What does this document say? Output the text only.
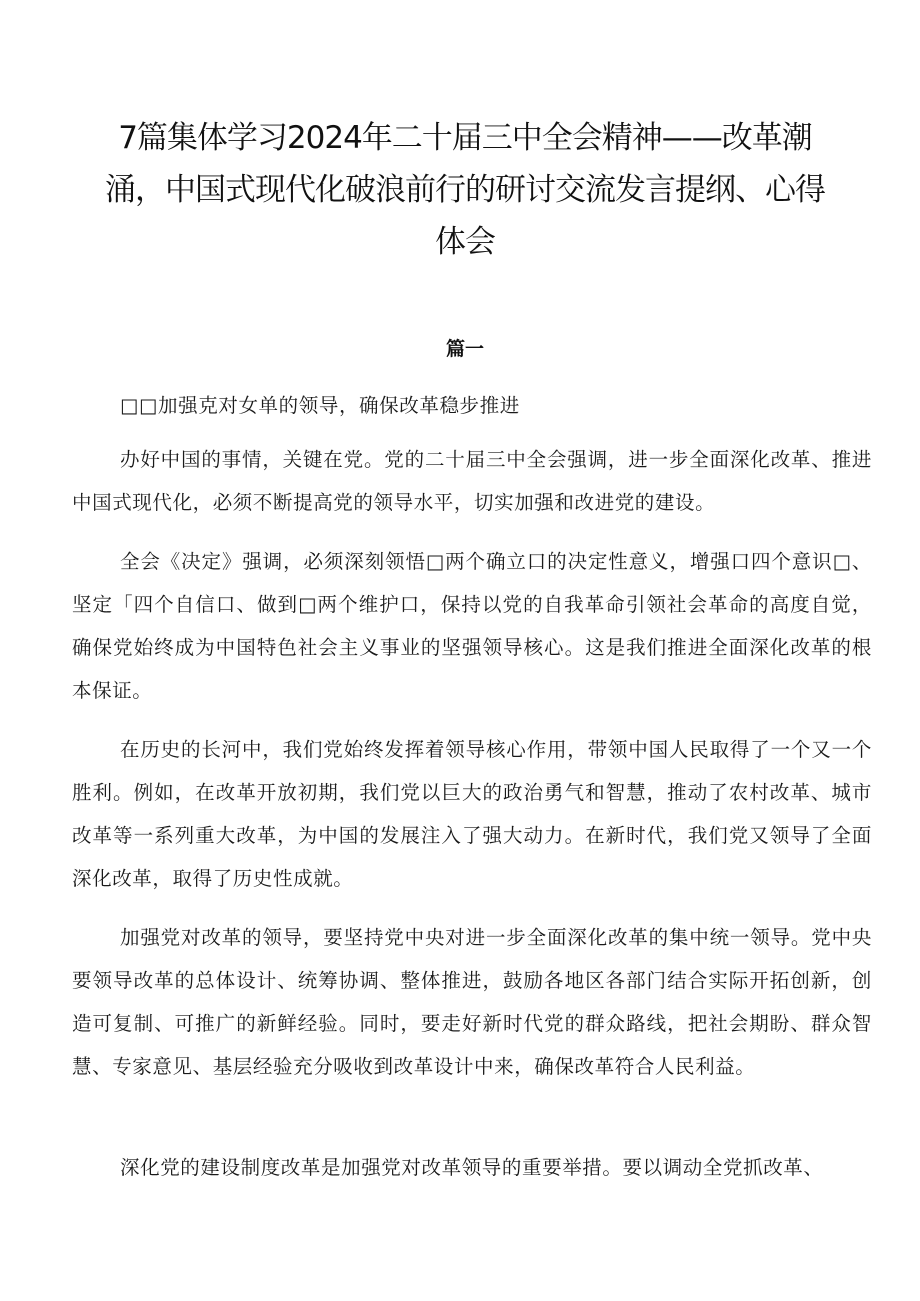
7篇集体学习2024年二十届三中全会精神——改革潮涌，中国式现代化破浪前行的研讨交流发言提纲、心得体会
篇一

□□加强克对女单的领导，确保改革稳步推进

办好中国的事情，关键在党。党的二十届三中全会强调，进一步全面深化改革、推进中国式现代化，必须不断提高党的领导水平，切实加强和改进党的建设。

全会《决定》强调，必须深刻领悟□两个确立口的决定性意义，增强口四个意识□、坚定「四个自信口、做到□两个维护口，保持以党的自我革命引领社会革命的高度自觉，确保党始终成为中国特色社会主义事业的坚强领导核心。这是我们推进全面深化改革的根本保证。

在历史的长河中，我们党始终发挥着领导核心作用，带领中国人民取得了一个又一个胜利。例如，在改革开放初期，我们党以巨大的政治勇气和智慧，推动了农村改革、城市改革等一系列重大改革，为中国的发展注入了强大动力。在新时代，我们党又领导了全面深化改革，取得了历史性成就。

加强党对改革的领导，要坚持党中央对进一步全面深化改革的集中统一领导。党中央要领导改革的总体设计、统筹协调、整体推进，鼓励各地区各部门结合实际开拓创新，创造可复制、可推广的新鲜经验。同时，要走好新时代党的群众路线，把社会期盼、群众智慧、专家意见、基层经验充分吸收到改革设计中来，确保改革符合人民利益。

深化党的建设制度改革是加强党对改革领导的重要举措。要以调动全党抓改革、
